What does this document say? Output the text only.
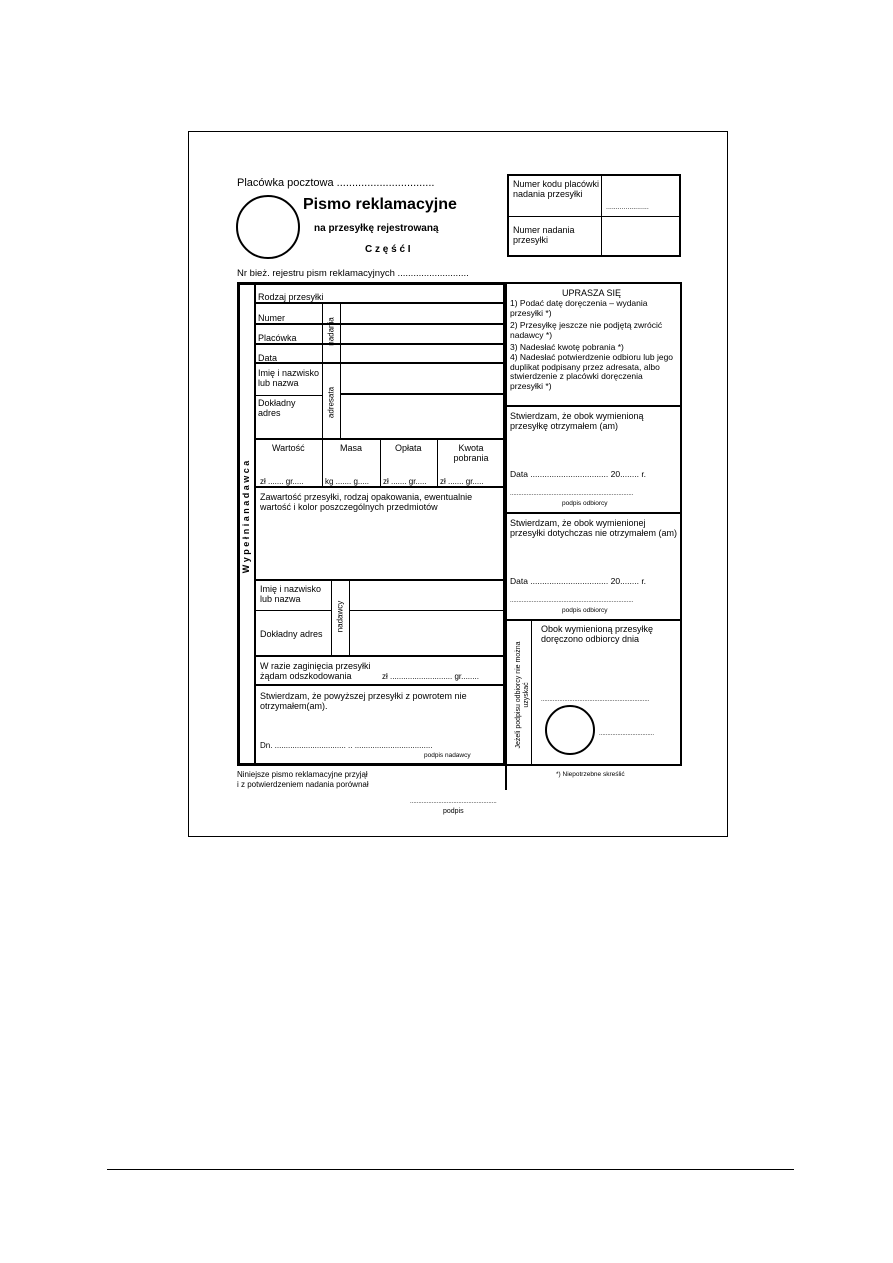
Placówka pocztowa ................................
Pismo reklamacyjne
na przesyłkę rejestrowaną
C z ę ś ć I
Numer kodu placówki nadania przesyłki
......................
Numer nadania przesyłki
Nr bież. rejestru pism reklamacyjnych ...........................
W y p e ł n i a n a d a w c a
Rodzaj przesyłki
Numer
Placówka
Data
nadania
Imię i nazwisko lub nazwa
Dokładny adres	adresata
Wartość	Masa	Opłata	Kwota pobrania
zł ....... gr.....	kg ....... g..... zł ....... gr..... zł ....... gr.....
Zawartość przesyłki, rodzaj opakowania, ewentualnie wartość i kolor poszczególnych przedmiotów
Imię i nazwisko lub nazwa
nadawcy
Dokładny adres
W razie zaginięcia przesyłki żądam odszkodowania	zł ............................ gr........
Stwierdzam, że powyższej przesyłki z powrotem nie otrzymałem(am).
Dn. ................................ .. ...................................
podpis nadawcy
UPRASZA SIĘ
1) Podać datę doręczenia – wydania przesyłki *)
2) Przesyłkę jeszcze nie podjętą zwrócić nadawcy *)
3) Nadesłać kwotę pobrania *)
4) Nadesłać potwierdzenie odbioru lub jego duplikat podpisany przez adresata, albo stwierdzenie z placówki doręczenia przesyłki *)
Stwierdzam, że obok wymienioną przesyłkę otrzymałem (am)
Data ................................. 20........ r.
..........................................................................
podpis odbiorcy
Stwierdzam, że obok wymienionej przesyłki dotychczas nie otrzymałem (am)
Data ................................. 20........ r.
..........................................................................
podpis odbiorcy
Jeżeli podpisu odbiorcy nie można uzyskać
Obok wymienioną przesyłkę doręczono odbiorcy dnia
.................................................................
.................................
*) Niepotrzebne skreślić
Niniejsze pismo reklamacyjne przyjął
i z potwierdzeniem nadania porównał
....................................................
podpis
